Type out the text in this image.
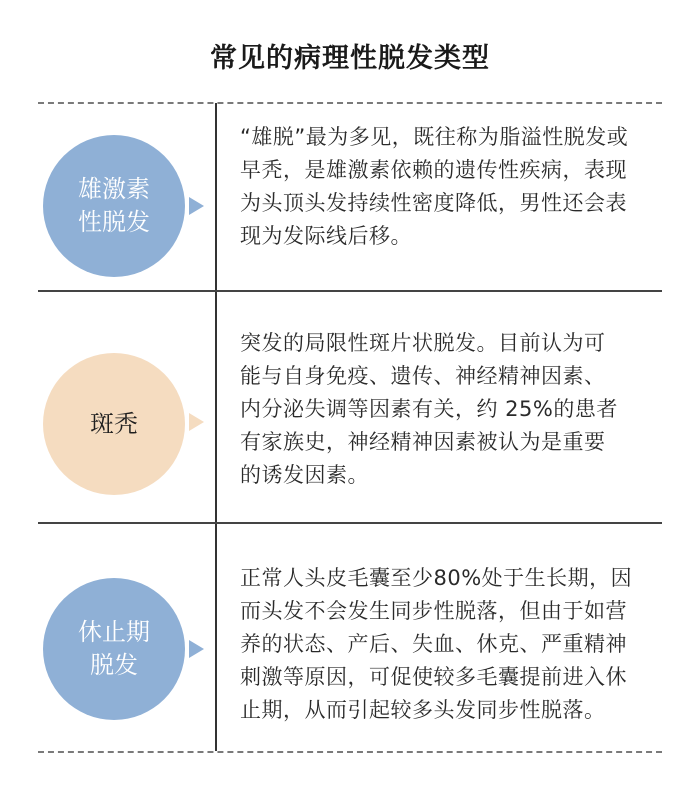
常见的病理性脱发类型
雄激素
性脱发
“雄脱”最为多见，既往称为脂溢性脱发或
早秃，是雄激素依赖的遗传性疾病，表现
为头顶头发持续性密度降低，男性还会表
现为发际线后移。
斑秃
突发的局限性斑片状脱发。目前认为可
能与自身免疫、遗传、神经精神因素、
内分泌失调等因素有关，约 25%的患者
有家族史，神经精神因素被认为是重要
的诱发因素。
休止期
脱发
正常人头皮毛囊至少80%处于生长期，因
而头发不会发生同步性脱落，但由于如营
养的状态、产后、失血、休克、严重精神
刺激等原因，可促使较多毛囊提前进入休
止期，从而引起较多头发同步性脱落。
